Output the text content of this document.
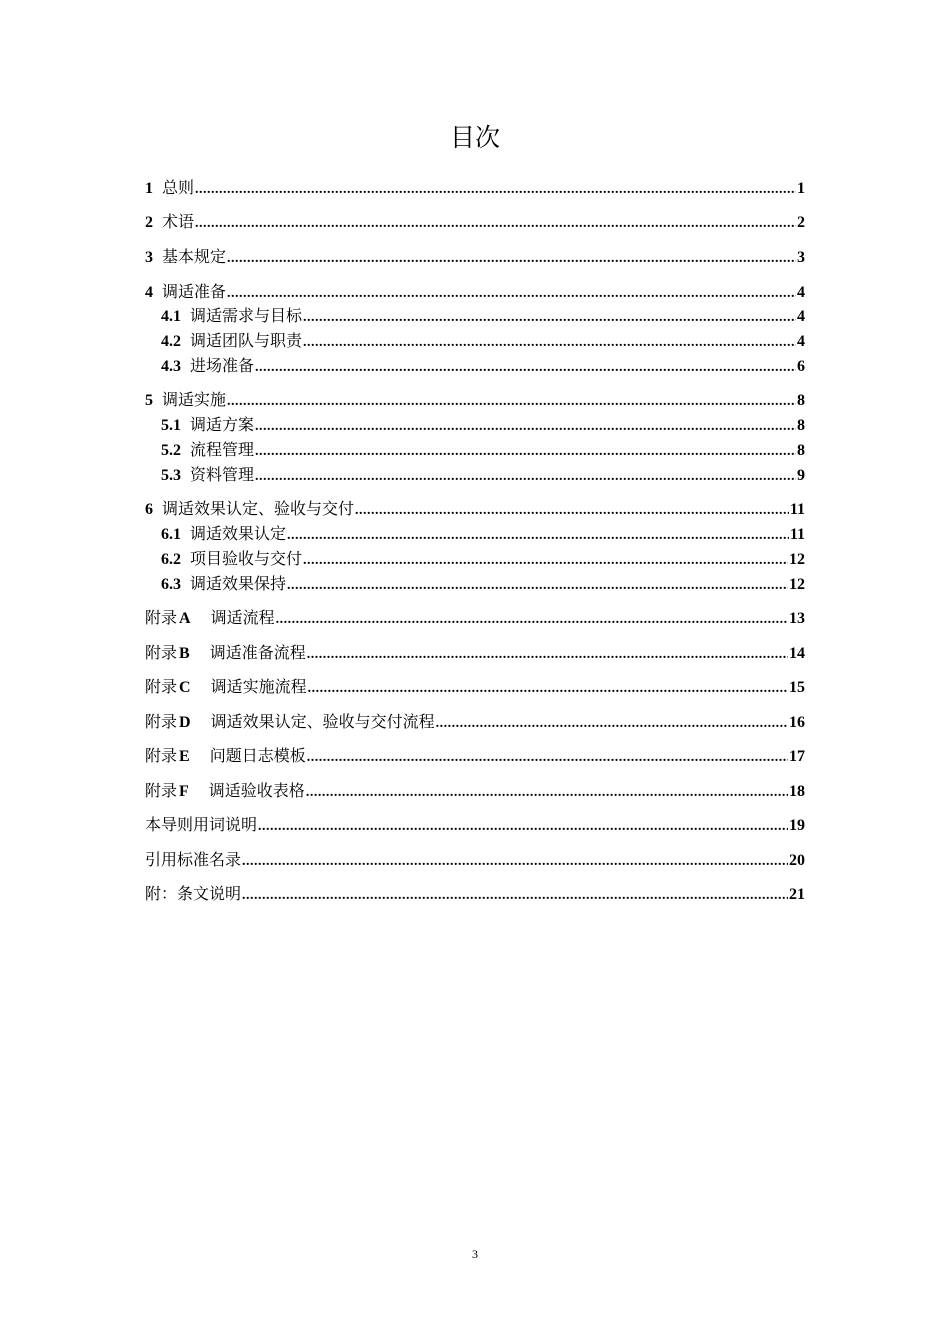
目次
1 总则 .....	1
2 术语 .....	2
3 基本规定 .....	3
4 调适准备 .....	4
4.1 调适需求与目标 .....	4
4.2 调适团队与职责 .....	4
4.3 进场准备 .....	6
5 调适实施 .....	8
5.1 调适方案 .....	8
5.2 流程管理 .....	8
5.3 资料管理 .....	9
6 调适效果认定、验收与交付 .....	11
6.1 调适效果认定 .....	11
6.2 项目验收与交付 .....	12
6.3 调适效果保持 .....	12
附录 A 调适流程 .....	13
附录 B 调适准备流程 .....	14
附录 C 调适实施流程 .....	15
附录 D 调适效果认定、验收与交付流程 .....	16
附录 E 问题日志模板 .....	17
附录 F 调适验收表格 .....	18
本导则用词说明 .....	19
引用标准名录 .....	20
附：条文说明 .....	21
3
